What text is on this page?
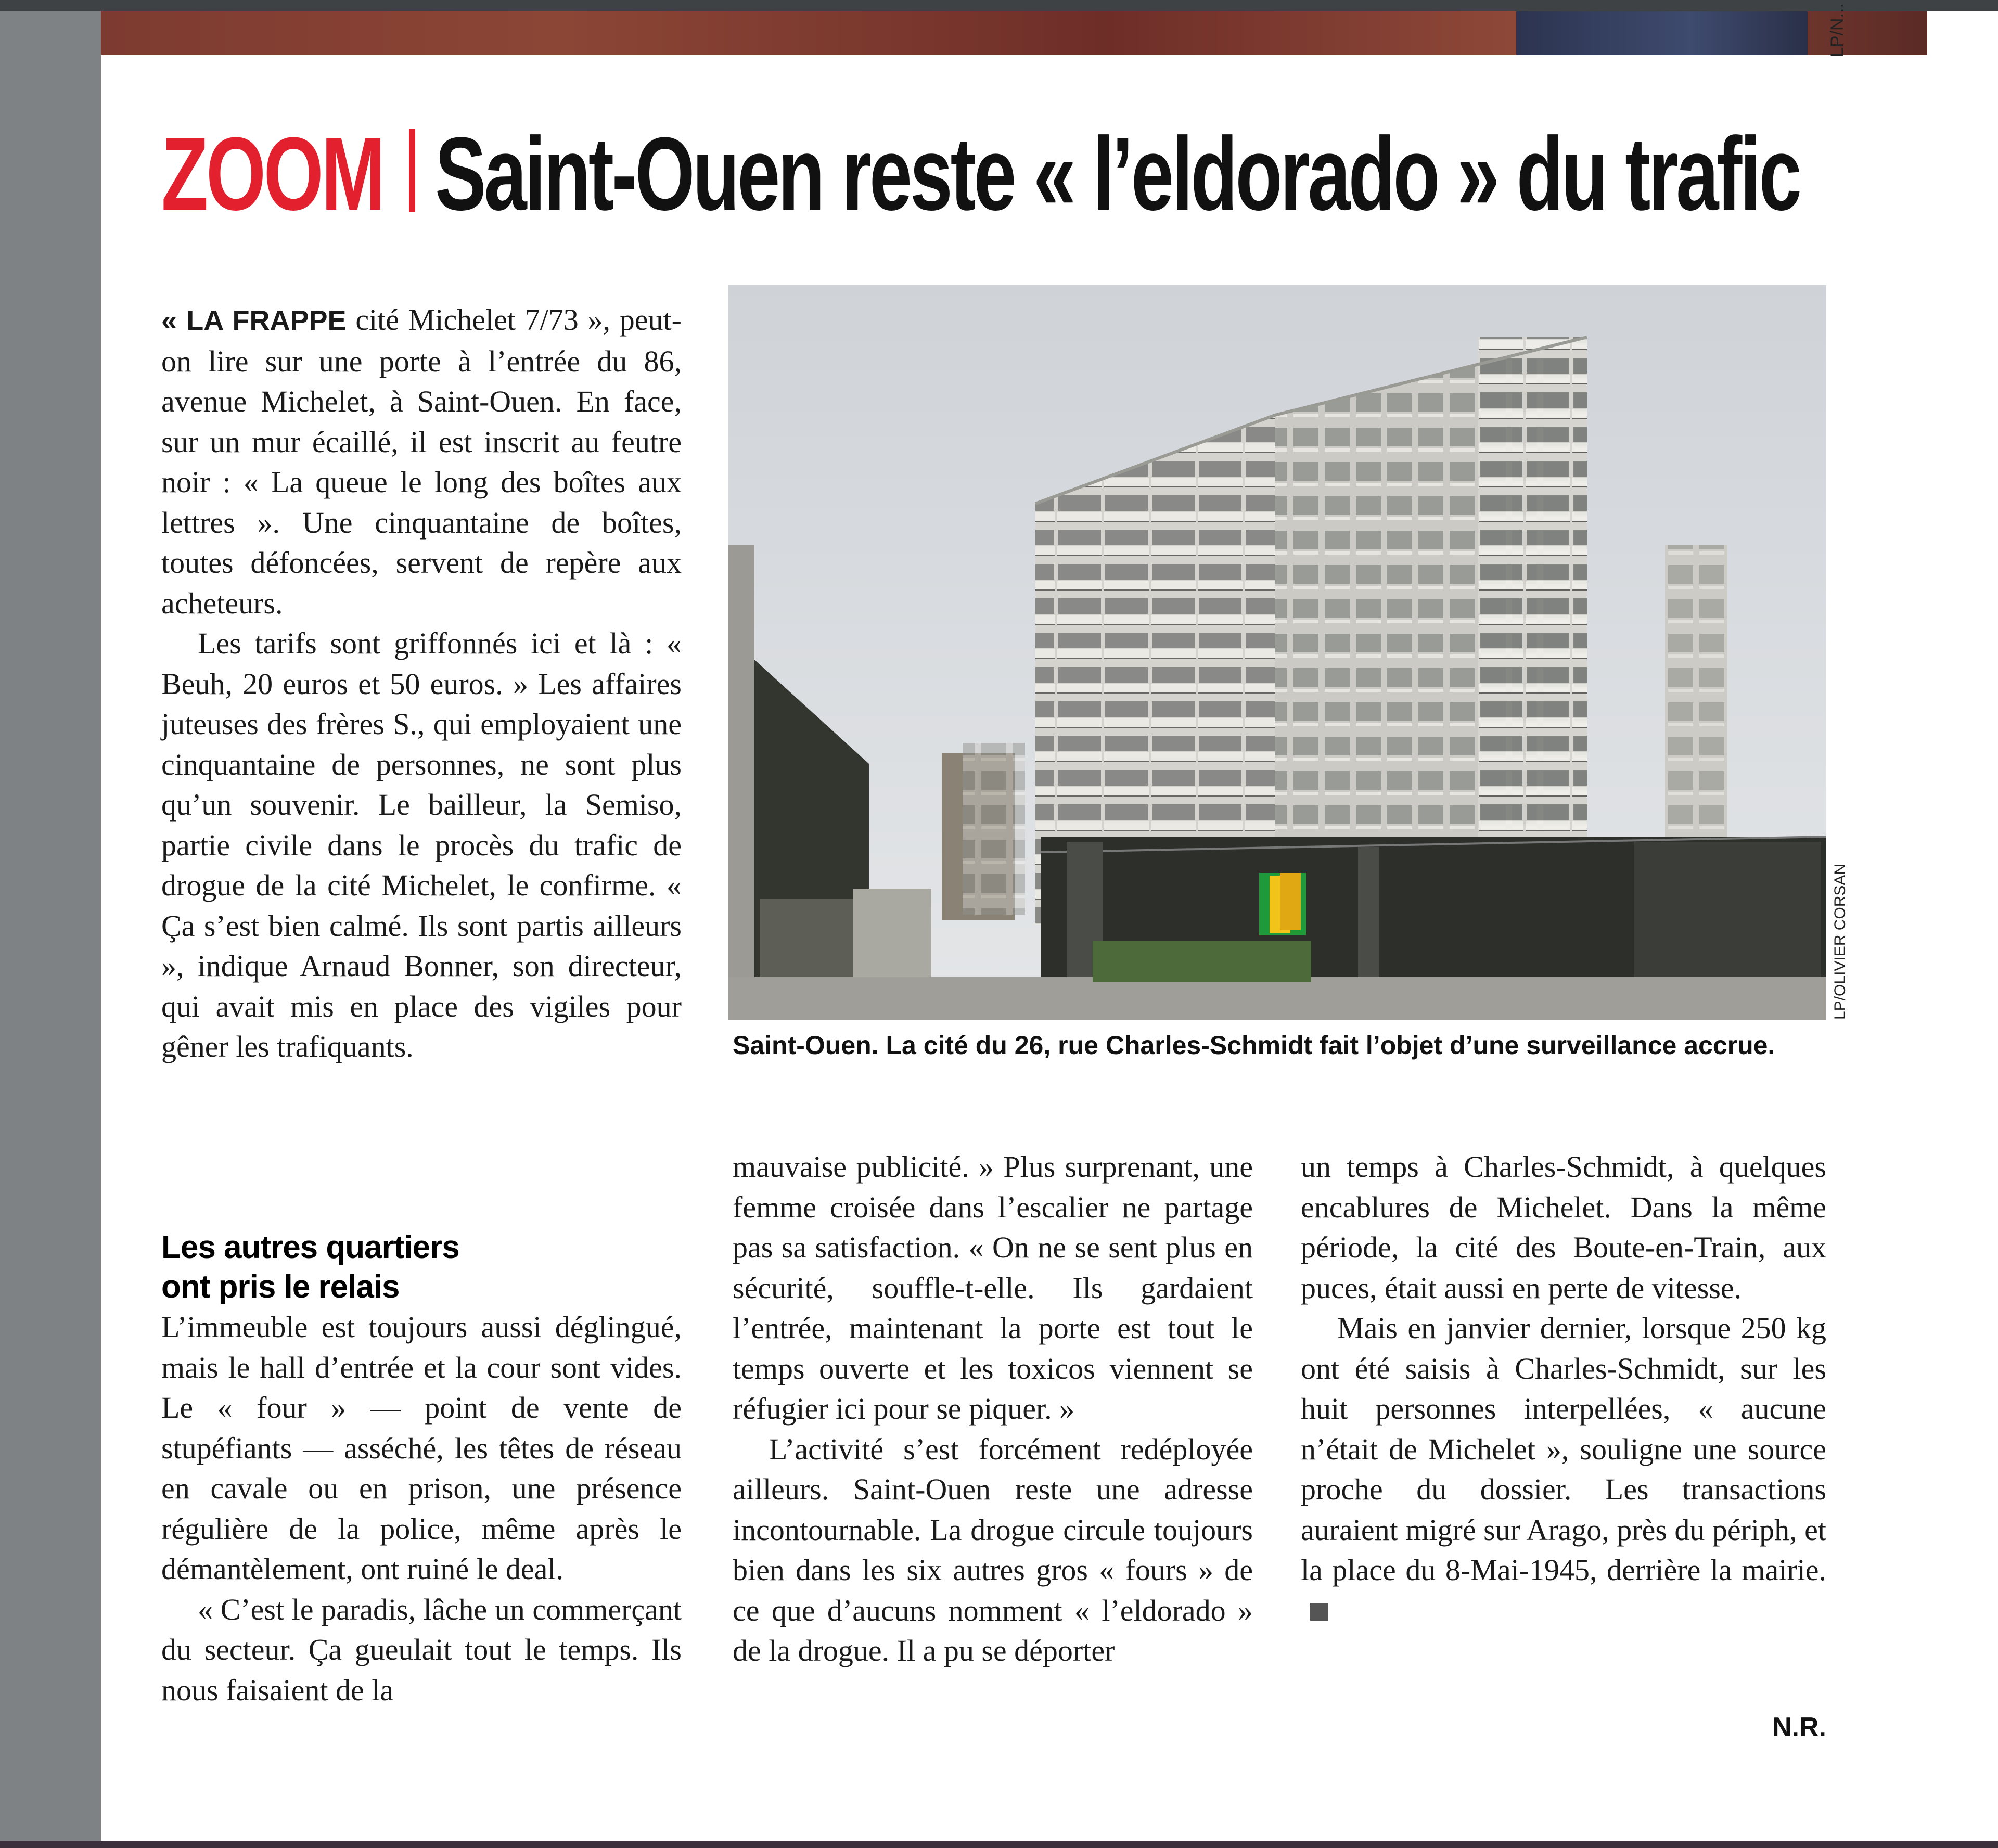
LP/N...
ZOOM Saint-Ouen reste « l’eldorado » du trafic

« LA FRAPPE cité Michelet 7/73 », peut-on lire sur une porte à l’entrée du 86, avenue Michelet, à Saint-Ouen. En face, sur un mur écaillé, il est inscrit au feutre noir : « La queue le long des boîtes aux lettres ». Une cinquantaine de boîtes, toutes défoncées, servent de repère aux acheteurs.

Les tarifs sont griffonnés ici et là : « Beuh, 20 euros et 50 euros. » Les affaires juteuses des frères S., qui employaient une cinquantaine de personnes, ne sont plus qu’un souvenir. Le bailleur, la Semiso, partie civile dans le procès du trafic de drogue de la cité Michelet, le confirme. « Ça s’est bien calmé. Ils sont partis ailleurs », indique Arnaud Bonner, son directeur, qui avait mis en place des vigiles pour gêner les trafiquants.

Les autres quartiers ont pris le relais

L’immeuble est toujours aussi déglingué, mais le hall d’entrée et la cour sont vides. Le « four » — point de vente de stupéfiants — asséché, les têtes de réseau en cavale ou en prison, une présence régulière de la police, même après le démantèlement, ont ruiné le deal.

« C’est le paradis, lâche un commerçant du secteur. Ça gueulait tout le temps. Ils nous faisaient de la

LP/OLIVIER CORSAN
Saint-Ouen. La cité du 26, rue Charles-Schmidt fait l’objet d’une surveillance accrue.

mauvaise publicité. » Plus surprenant, une femme croisée dans l’escalier ne partage pas sa satisfaction. « On ne se sent plus en sécurité, souffle-t-elle. Ils gardaient l’entrée, maintenant la porte est tout le temps ouverte et les toxicos viennent se réfugier ici pour se piquer. »

L’activité s’est forcément redéployée ailleurs. Saint-Ouen reste une adresse incontournable. La drogue circule toujours bien dans les six autres gros « fours » de ce que d’aucuns nomment « l’eldorado » de la drogue. Il a pu se déporter

un temps à Charles-Schmidt, à quelques encablures de Michelet. Dans la même période, la cité des Boute-en-Train, aux puces, était aussi en perte de vitesse.

Mais en janvier dernier, lorsque 250 kg ont été saisis à Charles-Schmidt, sur les huit personnes interpellées, « aucune n’était de Michelet », souligne une source proche du dossier. Les transactions auraient migré sur Arago, près du périph, et la place du 8-Mai-1945, derrière la mairie.

N.R.
